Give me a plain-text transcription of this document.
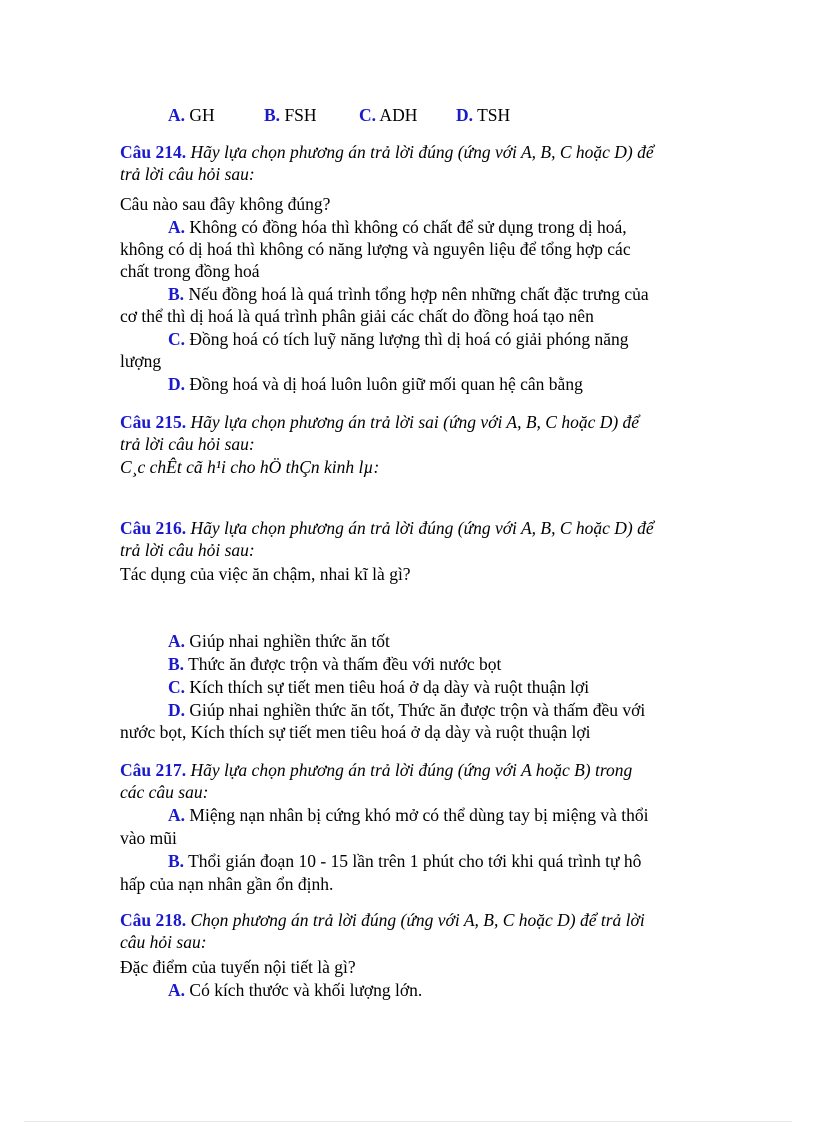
A. GH	B. FSH C. ADH D. TSH
Câu 214. Hãy lựa chọn phương án trả lời đúng (ứng với A, B, C hoặc D) để
trả lời câu hỏi sau:
Câu nào sau đây không đúng?
A. Không có đồng hóa thì không có chất để sử dụng trong dị hoá,
không có dị hoá thì không có năng lượng và nguyên liệu để tổng hợp các
chất trong đồng hoá
B. Nếu đồng hoá là quá trình tổng hợp nên những chất đặc trưng của
cơ thể thì dị hoá là quá trình phân giải các chất do đồng hoá tạo nên
C. Đồng hoá có tích luỹ năng lượng thì dị hoá có giải phóng năng
lượng
D. Đồng hoá và dị hoá luôn luôn giữ mối quan hệ cân bằng
Câu 215. Hãy lựa chọn phương án trả lời sai (ứng với A, B, C hoặc D) để
trả lời câu hỏi sau:
C¸c chÊt cã h¹i cho hÖ thÇn kinh lµ:
Câu 216. Hãy lựa chọn phương án trả lời đúng (ứng với A, B, C hoặc D) để
trả lời câu hỏi sau:
Tác dụng của việc ăn chậm, nhai kĩ là gì?
A. Giúp nhai nghiền thức ăn tốt
B. Thức ăn được trộn và thấm đều với nước bọt
C. Kích thích sự tiết men tiêu hoá ở dạ dày và ruột thuận lợi
D. Giúp nhai nghiền thức ăn tốt, Thức ăn được trộn và thấm đều với
nước bọt, Kích thích sự tiết men tiêu hoá ở dạ dày và ruột thuận lợi
Câu 217. Hãy lựa chọn phương án trả lời đúng (ứng với A hoặc B) trong
các câu sau:
A. Miệng nạn nhân bị cứng khó mở có thể dùng tay bị miệng và thổi
vào mũi
B. Thổi gián đoạn 10 - 15 lần trên 1 phút cho tới khi quá trình tự hô
hấp của nạn nhân gần ổn định.
Câu 218. Chọn phương án trả lời đúng (ứng với A, B, C hoặc D) để trả lời
câu hỏi sau:
Đặc điểm của tuyến nội tiết là gì?
A. Có kích thước và khối lượng lớn.
